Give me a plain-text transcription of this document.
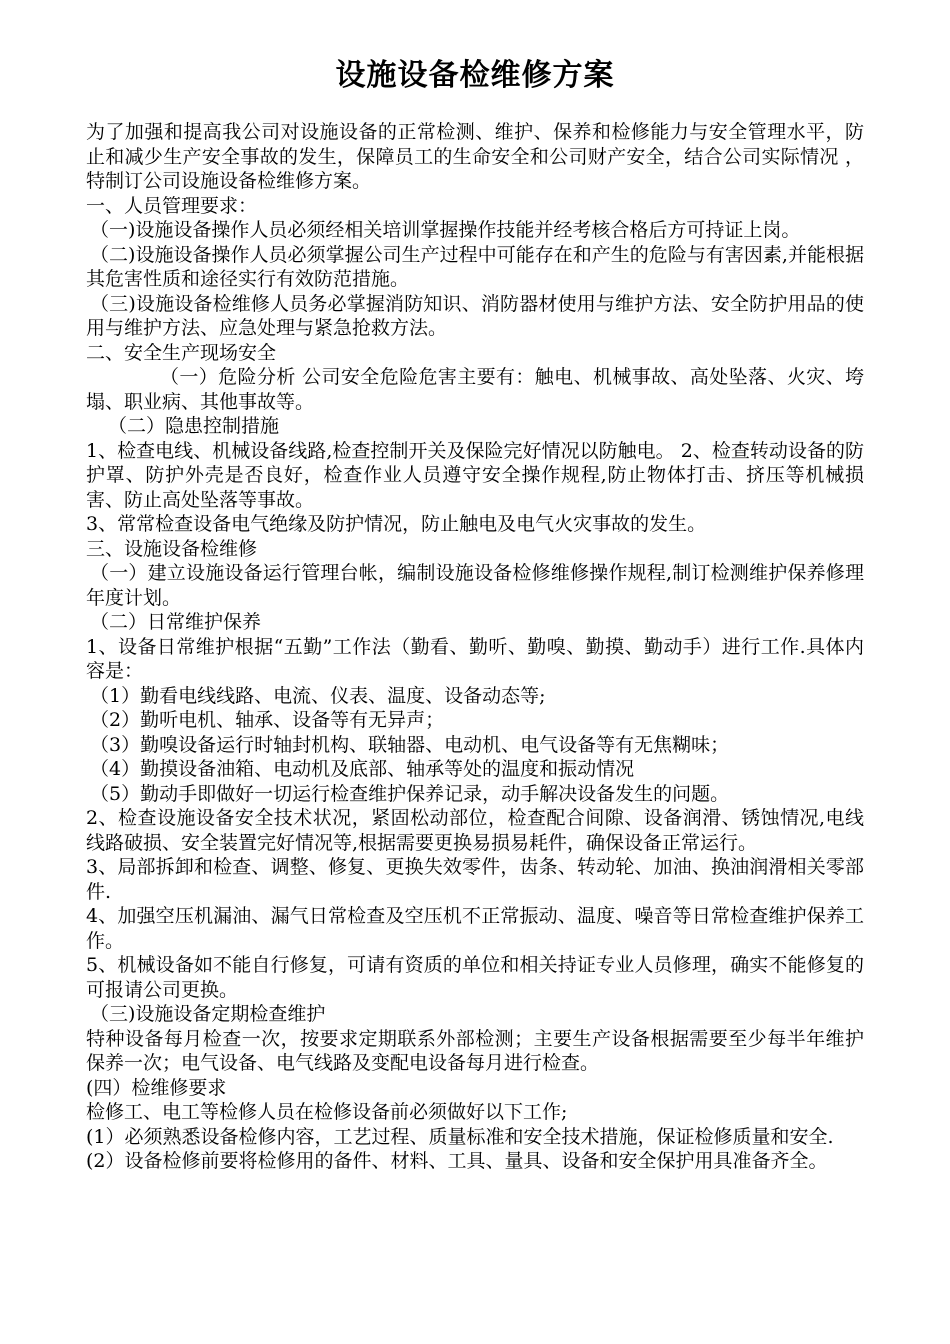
设施设备检维修方案

为了加强和提高我公司对设施设备的正常检测、维护、保养和检修能力与安全管理水平，防止和减少生产安全事故的发生，保障员工的生命安全和公司财产安全，结合公司实际情况 ，特制订公司设施设备检维修方案。

一、人员管理要求：

（一)设施设备操作人员必须经相关培训掌握操作技能并经考核合格后方可持证上岗。

（二)设施设备操作人员必须掌握公司生产过程中可能存在和产生的危险与有害因素,并能根据其危害性质和途径实行有效防范措施。

（三)设施设备检维修人员务必掌握消防知识、消防器材使用与维护方法、安全防护用品的使用与维护方法、应急处理与紧急抢救方法。

二、安全生产现场安全

（一）危险分析 公司安全危险危害主要有：触电、机械事故、高处坠落、火灾、垮塌、职业病、其他事故等。

（二）隐患控制措施

1、检查电线、机械设备线路,检查控制开关及保险完好情况以防触电。 2、检查转动设备的防护罩、防护外壳是否良好，检查作业人员遵守安全操作规程,防止物体打击、挤压等机械损害、防止高处坠落等事故。

3、常常检查设备电气绝缘及防护情况，防止触电及电气火灾事故的发生。

三、设施设备检维修

（一）建立设施设备运行管理台帐，编制设施设备检修维修操作规程,制订检测维护保养修理年度计划。

（二）日常维护保养

1、设备日常维护根据“五勤”工作法（勤看、勤听、勤嗅、勤摸、勤动手）进行工作.具体内容是：

（1）勤看电线线路、电流、仪表、温度、设备动态等;

（2）勤听电机、轴承、设备等有无异声；

（3）勤嗅设备运行时轴封机构、联轴器、电动机、电气设备等有无焦糊味；

（4）勤摸设备油箱、电动机及底部、轴承等处的温度和振动情况

（5）勤动手即做好一切运行检查维护保养记录，动手解决设备发生的问题。

2、检查设施设备安全技术状况，紧固松动部位，检查配合间隙、设备润滑、锈蚀情况,电线线路破损、安全装置完好情况等,根据需要更换易损易耗件，确保设备正常运行。

3、局部拆卸和检查、调整、修复、更换失效零件，齿条、转动轮、加油、换油润滑相关零部件.

4、加强空压机漏油、漏气日常检查及空压机不正常振动、温度、噪音等日常检查维护保养工作。

5、机械设备如不能自行修复，可请有资质的单位和相关持证专业人员修理，确实不能修复的可报请公司更换。

（三)设施设备定期检查维护

特种设备每月检查一次，按要求定期联系外部检测；主要生产设备根据需要至少每半年维护保养一次；电气设备、电气线路及变配电设备每月进行检查。

(四）检维修要求

检修工、电工等检修人员在检修设备前必须做好以下工作;

(1）必须熟悉设备检修内容，工艺过程、质量标准和安全技术措施，保证检修质量和安全.

(2）设备检修前要将检修用的备件、材料、工具、量具、设备和安全保护用具准备齐全。
